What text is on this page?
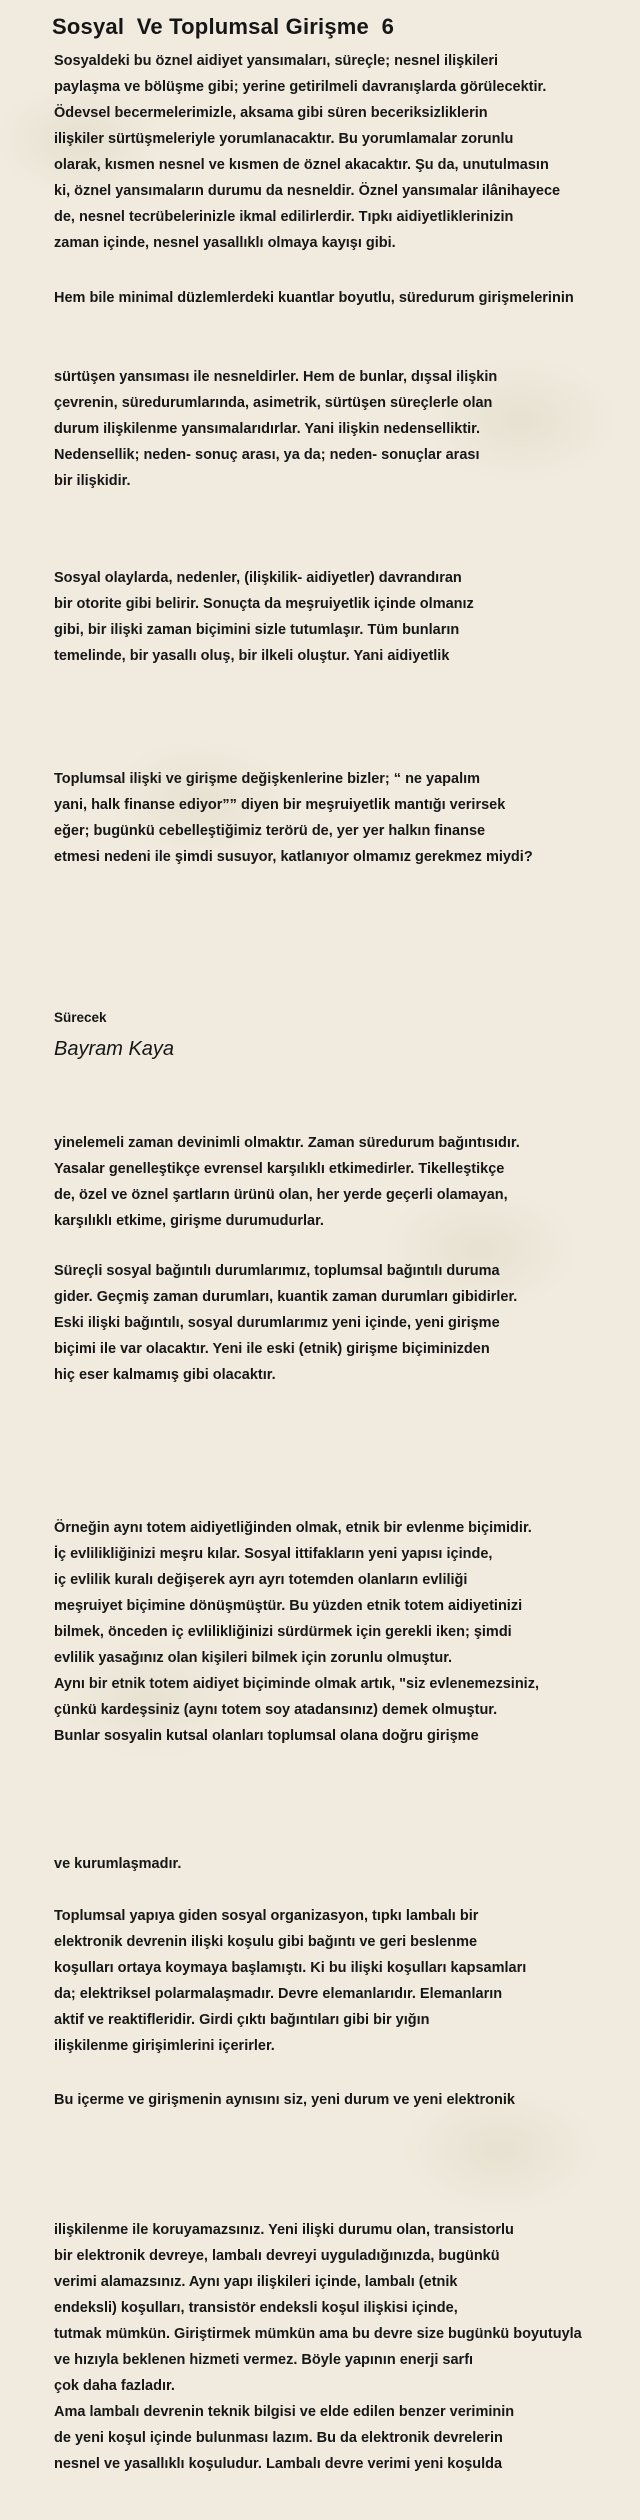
Sosyal  Ve Toplumsal Girişme  6
Sosyaldeki bu öznel aidiyet yansımaları, süreçle; nesnel ilişkileri
paylaşma ve bölüşme gibi; yerine getirilmeli davranışlarda görülecektir.
Ödevsel becermelerimizle, aksama gibi süren beceriksizliklerin
ilişkiler sürtüşmeleriyle yorumlanacaktır. Bu yorumlamalar zorunlu
olarak, kısmen nesnel ve kısmen de öznel akacaktır. Şu da, unutulmasın
ki, öznel yansımaların durumu da nesneldir. Öznel yansımalar ilânihayece
de, nesnel tecrübelerinizle ikmal edilirlerdir. Tıpkı aidiyetliklerinizin
zaman içinde, nesnel yasallıklı olmaya kayışı gibi.
Hem bile minimal düzlemlerdeki kuantlar boyutlu, süredurum girişmelerinin
sürtüşen yansıması ile nesneldirler. Hem de bunlar, dışsal ilişkin
çevrenin, süredurumlarında, asimetrik, sürtüşen süreçlerle olan
durum ilişkilenme yansımalarıdırlar. Yani ilişkin nedenselliktir.
Nedensellik; neden- sonuç arası, ya da; neden- sonuçlar arası
bir ilişkidir.
Sosyal olaylarda, nedenler, (ilişkilik- aidiyetler) davrandıran
bir otorite gibi belirir. Sonuçta da meşruiyetlik içinde olmanız
gibi, bir ilişki zaman biçimini sizle tutumlaşır. Tüm bunların
temelinde, bir yasallı oluş, bir ilkeli oluştur. Yani aidiyetlik
Toplumsal ilişki ve girişme değişkenlerine bizler; “ ne yapalım
yani, halk finanse ediyor”” diyen bir meşruiyetlik mantığı verirsek
eğer; bugünkü cebelleştiğimiz terörü de, yer yer halkın finanse
etmesi nedeni ile şimdi susuyor, katlanıyor olmamız gerekmez miydi?
Sürecek
Bayram Kaya
yinelemeli zaman devinimli olmaktır. Zaman süredurum bağıntısıdır.
Yasalar genelleştikçe evrensel karşılıklı etkimedirler. Tikelleştikçe
de, özel ve öznel şartların ürünü olan, her yerde geçerli olamayan,
karşılıklı etkime, girişme durumudurlar.
Süreçli sosyal bağıntılı durumlarımız, toplumsal bağıntılı duruma
gider. Geçmiş zaman durumları, kuantik zaman durumları gibidirler.
Eski ilişki bağıntılı, sosyal durumlarımız yeni içinde, yeni girişme
biçimi ile var olacaktır. Yeni ile eski (etnik) girişme biçiminizden
hiç eser kalmamış gibi olacaktır.
Örneğin aynı totem aidiyetliğinden olmak, etnik bir evlenme biçimidir.
İç evlilikliğinizi meşru kılar. Sosyal ittifakların yeni yapısı içinde,
iç evlilik kuralı değişerek ayrı ayrı totemden olanların evliliği
meşruiyet biçimine dönüşmüştür. Bu yüzden etnik totem aidiyetinizi
bilmek, önceden iç evlilikliğinizi sürdürmek için gerekli iken; şimdi
evlilik yasağınız olan kişileri bilmek için zorunlu olmuştur.
Aynı bir etnik totem aidiyet biçiminde olmak artık, "siz evlenemezsiniz,
çünkü kardeşsiniz (aynı totem soy atadansınız) demek olmuştur.
Bunlar sosyalin kutsal olanları toplumsal olana doğru girişme
ve kurumlaşmadır.
Toplumsal yapıya giden sosyal organizasyon, tıpkı lambalı bir
elektronik devrenin ilişki koşulu gibi bağıntı ve geri beslenme
koşulları ortaya koymaya başlamıştı. Ki bu ilişki koşulları kapsamları
da; elektriksel polarmalaşmadır. Devre elemanlarıdır. Elemanların
aktif ve reaktifleridir. Girdi çıktı bağıntıları gibi bir yığın
ilişkilenme girişimlerini içerirler.
Bu içerme ve girişmenin aynısını siz, yeni durum ve yeni elektronik
ilişkilenme ile koruyamazsınız. Yeni ilişki durumu olan, transistorlu
bir elektronik devreye, lambalı devreyi uyguladığınızda, bugünkü
verimi alamazsınız. Aynı yapı ilişkileri içinde, lambalı (etnik
endeksli) koşulları, transistör endeksli koşul ilişkisi içinde,
tutmak mümkün. Giriştirmek mümkün ama bu devre size bugünkü boyutuyla
ve hızıyla beklenen hizmeti vermez. Böyle yapının enerji sarfı
çok daha fazladır.
Ama lambalı devrenin teknik bilgisi ve elde edilen benzer veriminin
de yeni koşul içinde bulunması lazım. Bu da elektronik devrelerin
nesnel ve yasallıklı koşuludur. Lambalı devre verimi yeni koşulda
